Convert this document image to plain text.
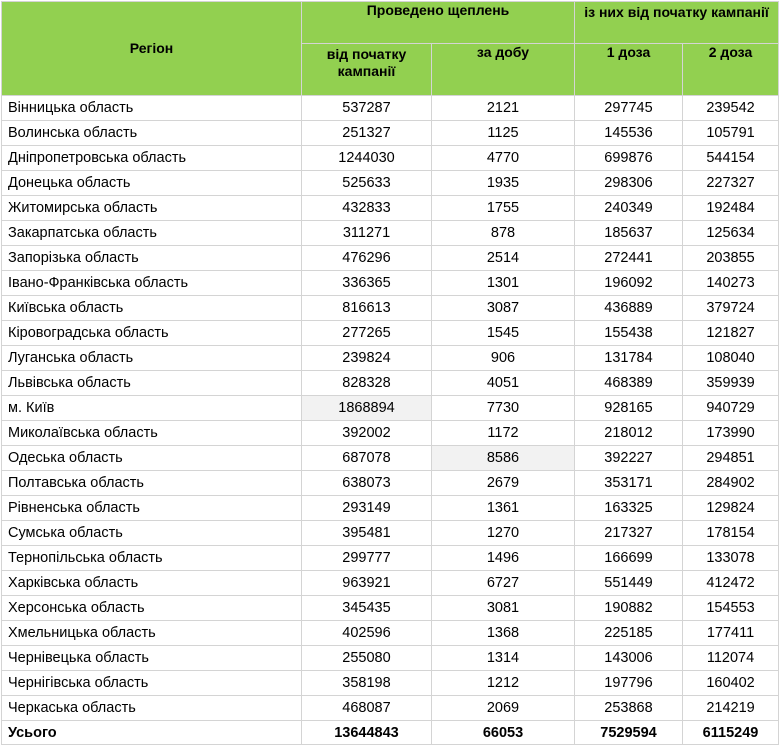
Регіон	Проведено щеплень		із них від початку кампанії	
	від початку кампанії	за добу	1 доза	2 доза
Вінницька область	537287	2121	297745	239542
Волинська область	251327	1125	145536	105791
Дніпропетровська область	1244030	4770	699876	544154
Донецька область	525633	1935	298306	227327
Житомирська область	432833	1755	240349	192484
Закарпатська область	311271	878	185637	125634
Запорізька область	476296	2514	272441	203855
Івано-Франківська область	336365	1301	196092	140273
Київська область	816613	3087	436889	379724
Кіровоградська область	277265	1545	155438	121827
Луганська область	239824	906	131784	108040
Львівська область	828328	4051	468389	359939
м. Київ	1868894	7730	928165	940729
Миколаївська область	392002	1172	218012	173990
Одеська область	687078	8586	392227	294851
Полтавська область	638073	2679	353171	284902
Рівненська область	293149	1361	163325	129824
Сумська область	395481	1270	217327	178154
Тернопільська область	299777	1496	166699	133078
Харківська область	963921	6727	551449	412472
Херсонська область	345435	3081	190882	154553
Хмельницька область	402596	1368	225185	177411
Чернівецька область	255080	1314	143006	112074
Чернігівська область	358198	1212	197796	160402
Черкаська область	468087	2069	253868	214219
Усього	13644843	66053	7529594	6115249
